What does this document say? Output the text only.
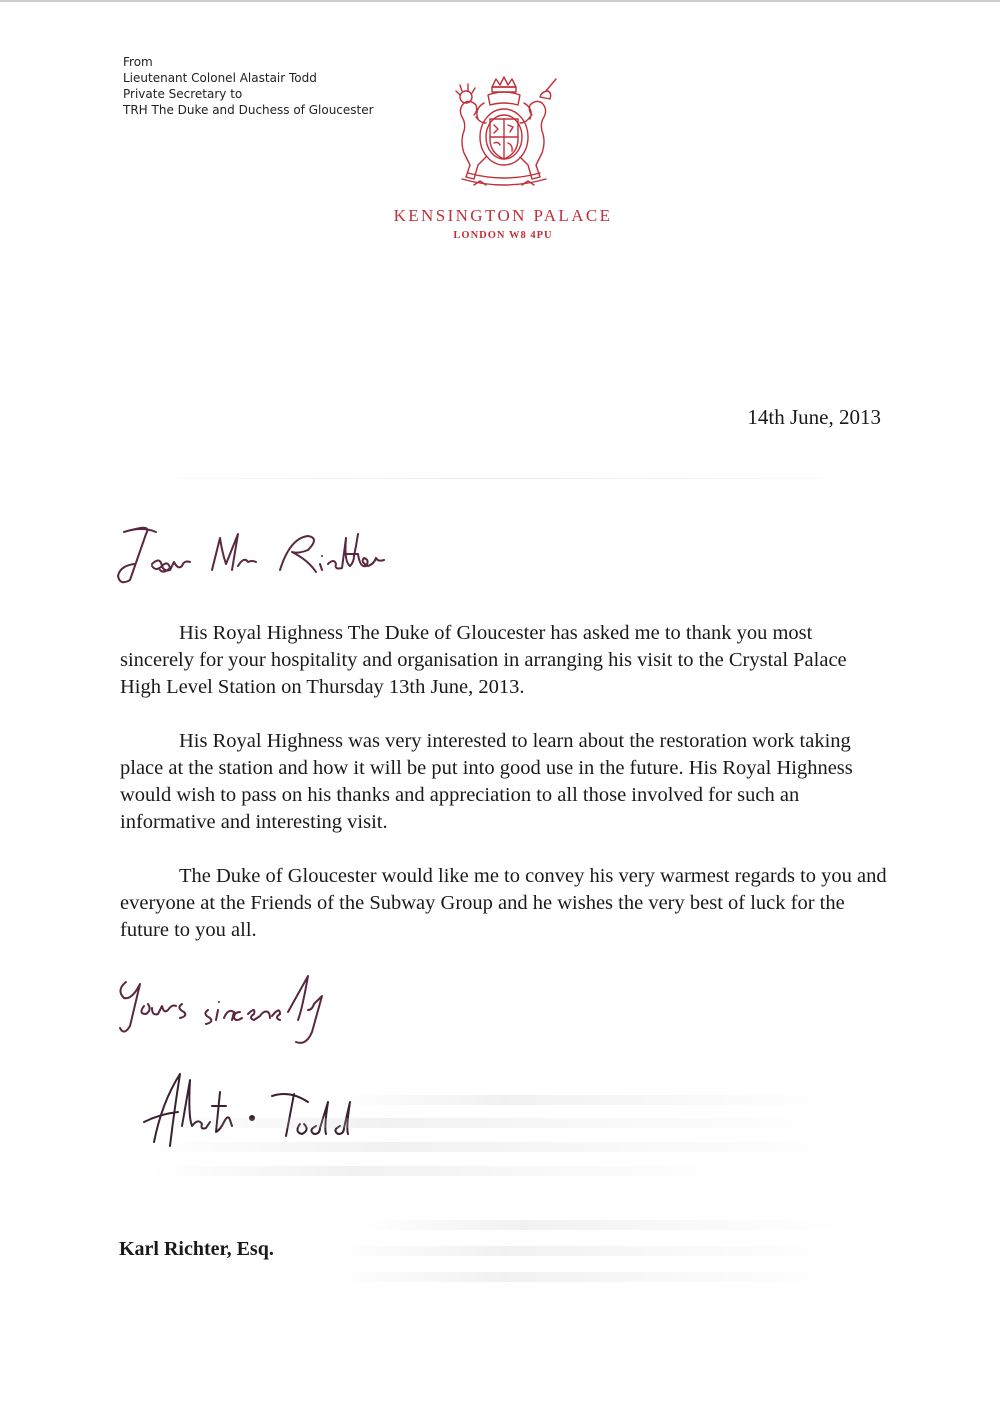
From
Lieutenant Colonel Alastair Todd
Private Secretary to
TRH The Duke and Duchess of Gloucester
KENSINGTON PALACE
LONDON W8 4PU
14th June, 2013

His Royal Highness The Duke of Gloucester has asked me to thank you most sincerely for your hospitality and organisation in arranging his visit to the Crystal Palace High Level Station on Thursday 13th June, 2013.

His Royal Highness was very interested to learn about the restoration work taking place at the station and how it will be put into good use in the future. His Royal Highness would wish to pass on his thanks and appreciation to all those involved for such an informative and interesting visit.

The Duke of Gloucester would like me to convey his very warmest regards to you and everyone at the Friends of the Subway Group and he wishes the very best of luck for the future to you all.

Karl Richter, Esq.
